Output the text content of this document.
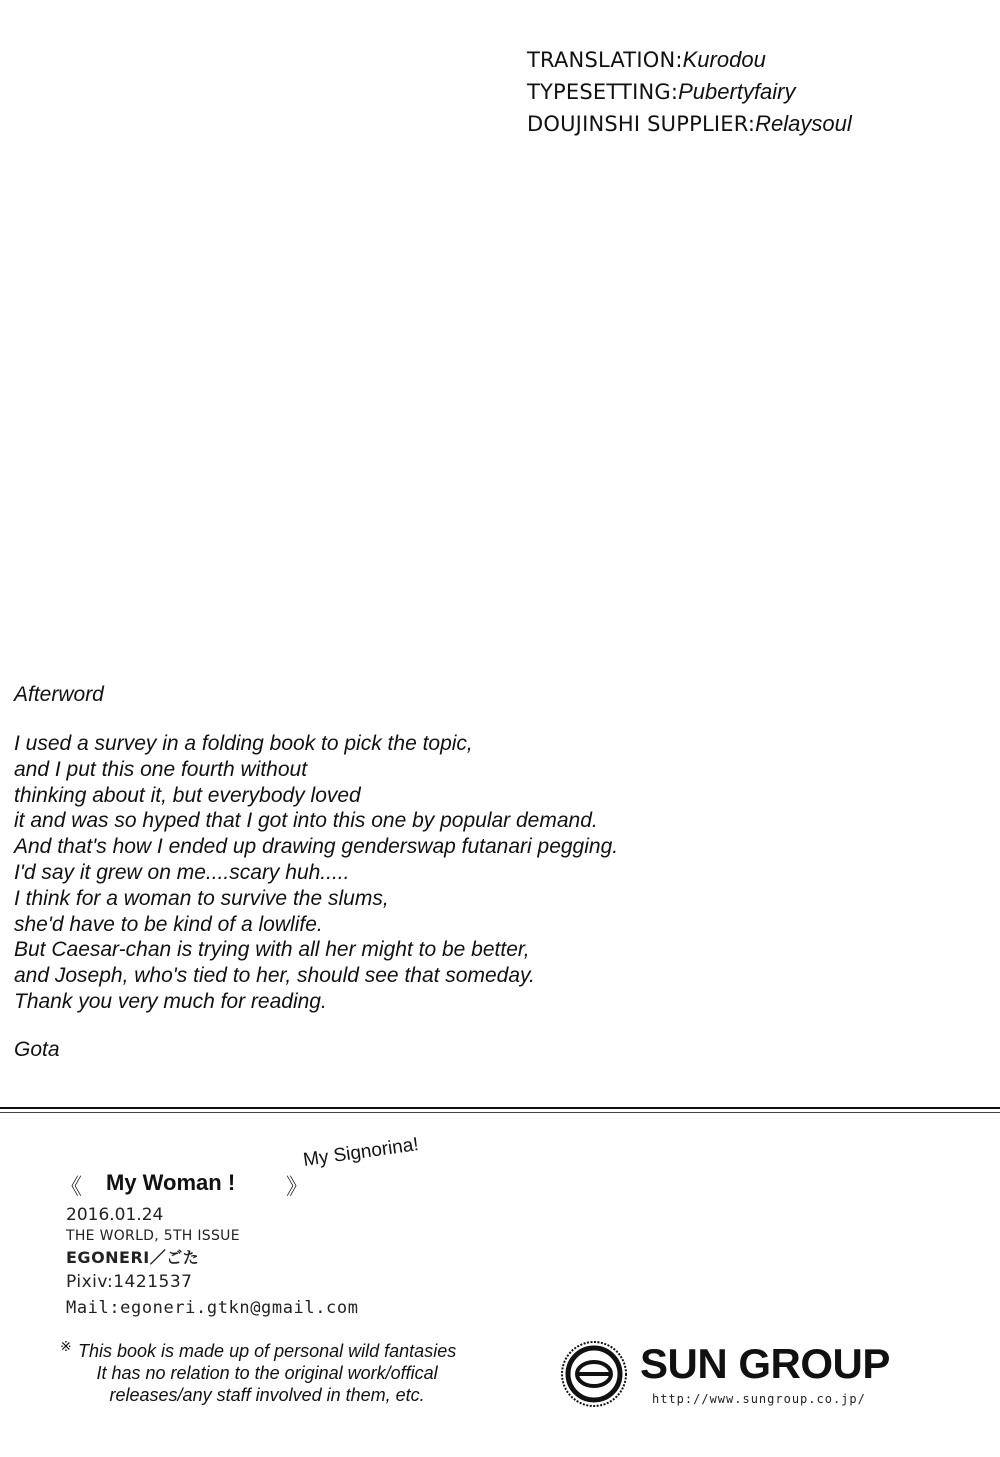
TRANSLATION:Kurodou
TYPESETTING:Pubertyfairy
DOUJINSHI SUPPLIER:Relaysoul
Afterword
I used a survey in a folding book to pick the topic,
and I put this one fourth without
thinking about it, but everybody loved
it and was so hyped that I got into this one by popular demand.
And that's how I ended up drawing genderswap futanari pegging.
I'd say it grew on me....scary huh.....
I think for a woman to survive the slums,
she'd have to be kind of a lowlife.
But Caesar-chan is trying with all her might to be better,
and Joseph, who's tied to her, should see that someday.
Thank you very much for reading.
Gota
《 My Woman ! 》
My Signorina!
2016.01.24
THE WORLD, 5TH ISSUE
EGONERI／ごた
Pixiv:1421537
Mail:egoneri.gtkn@gmail.com
※ This book is made up of personal wild fantasies
It has no relation to the original work/offical
releases/any staff involved in them, etc.
SUN GROUP
http://www.sungroup.co.jp/
